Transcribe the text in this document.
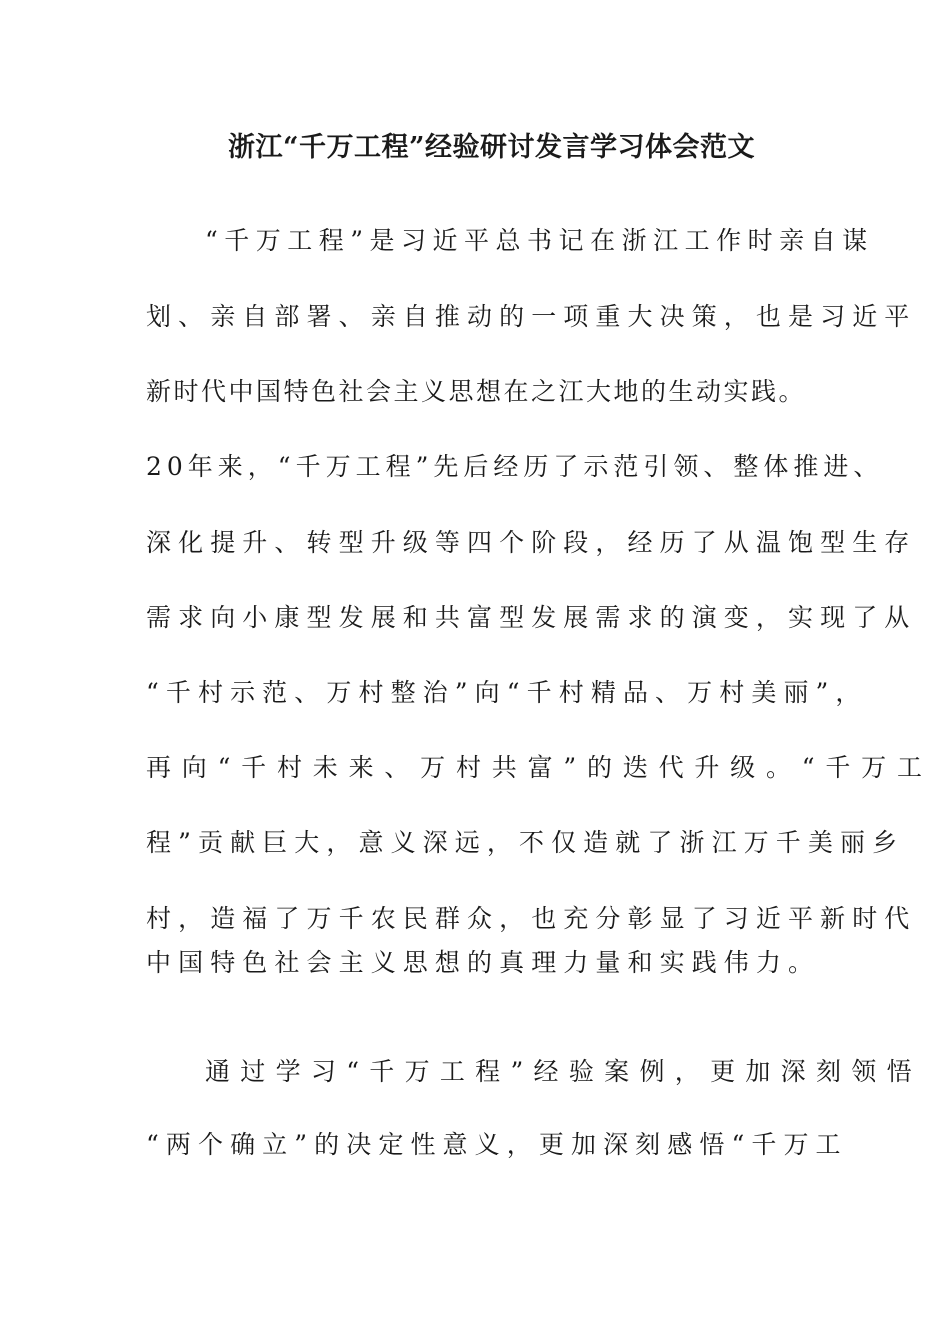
浙江“千万工程”经验研讨发言学习体会范文

“千万工程”是习近平总书记在浙江工作时亲自谋

划、亲自部署、亲自推动的一项重大决策，也是习近平

新时代中国特色社会主义思想在之江大地的生动实践。

20年来，“千万工程”先后经历了示范引领、整体推进、

深化提升、转型升级等四个阶段，经历了从温饱型生存

需求向小康型发展和共富型发展需求的演变，实现了从

“千村示范、万村整治”向“千村精品、万村美丽”，

再向“千村未来、万村共富”的迭代升级。“千万工

程”贡献巨大，意义深远，不仅造就了浙江万千美丽乡

村，造福了万千农民群众，也充分彰显了习近平新时代

中国特色社会主义思想的真理力量和实践伟力。

通过学习“千万工程”经验案例，更加深刻领悟

“两个确立”的决定性意义，更加深刻感悟“千万工
